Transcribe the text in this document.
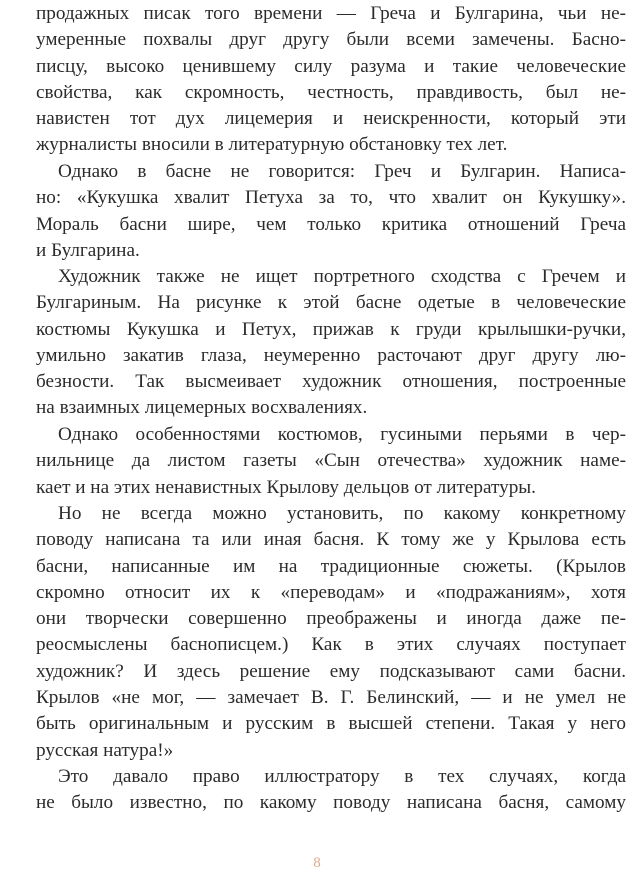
продажных писак того времени — Греча и Булгарина, чьи не-
умеренные похвалы друг другу были всеми замечены. Басно-
писцу, высоко ценившему силу разума и такие человеческие
свойства, как скромность, честность, правдивость, был не-
навистен тот дух лицемерия и неискренности, который эти
журналисты вносили в литературную обстановку тех лет.
Однако в басне не говорится: Греч и Булгарин. Написа-
но: «Кукушка хвалит Петуха за то, что хвалит он Кукушку».
Мораль басни шире, чем только критика отношений Греча
и Булгарина.
Художник также не ищет портретного сходства с Гречем и
Булгариным. На рисунке к этой басне одетые в человеческие
костюмы Кукушка и Петух, прижав к груди крылышки-ручки,
умильно закатив глаза, неумеренно расточают друг другу лю-
безности. Так высмеивает художник отношения, построенные
на взаимных лицемерных восхвалениях.
Однако особенностями костюмов, гусиными перьями в чер-
нильнице да листом газеты «Сын отечества» художник наме-
кает и на этих ненавистных Крылову дельцов от литературы.
Но не всегда можно установить, по какому конкретному
поводу написана та или иная басня. К тому же у Крылова есть
басни, написанные им на традиционные сюжеты. (Крылов
скромно относит их к «переводам» и «подражаниям», хотя
они творчески совершенно преображены и иногда даже пе-
реосмыслены баснописцем.) Как в этих случаях поступает
художник? И здесь решение ему подсказывают сами басни.
Крылов «не мог, — замечает В. Г. Белинский, — и не умел не
быть оригинальным и русским в высшей степени. Такая у него
русская натура!»
Это давало право иллюстратору в тех случаях, когда
не было известно, по какому поводу написана басня, самому
8
